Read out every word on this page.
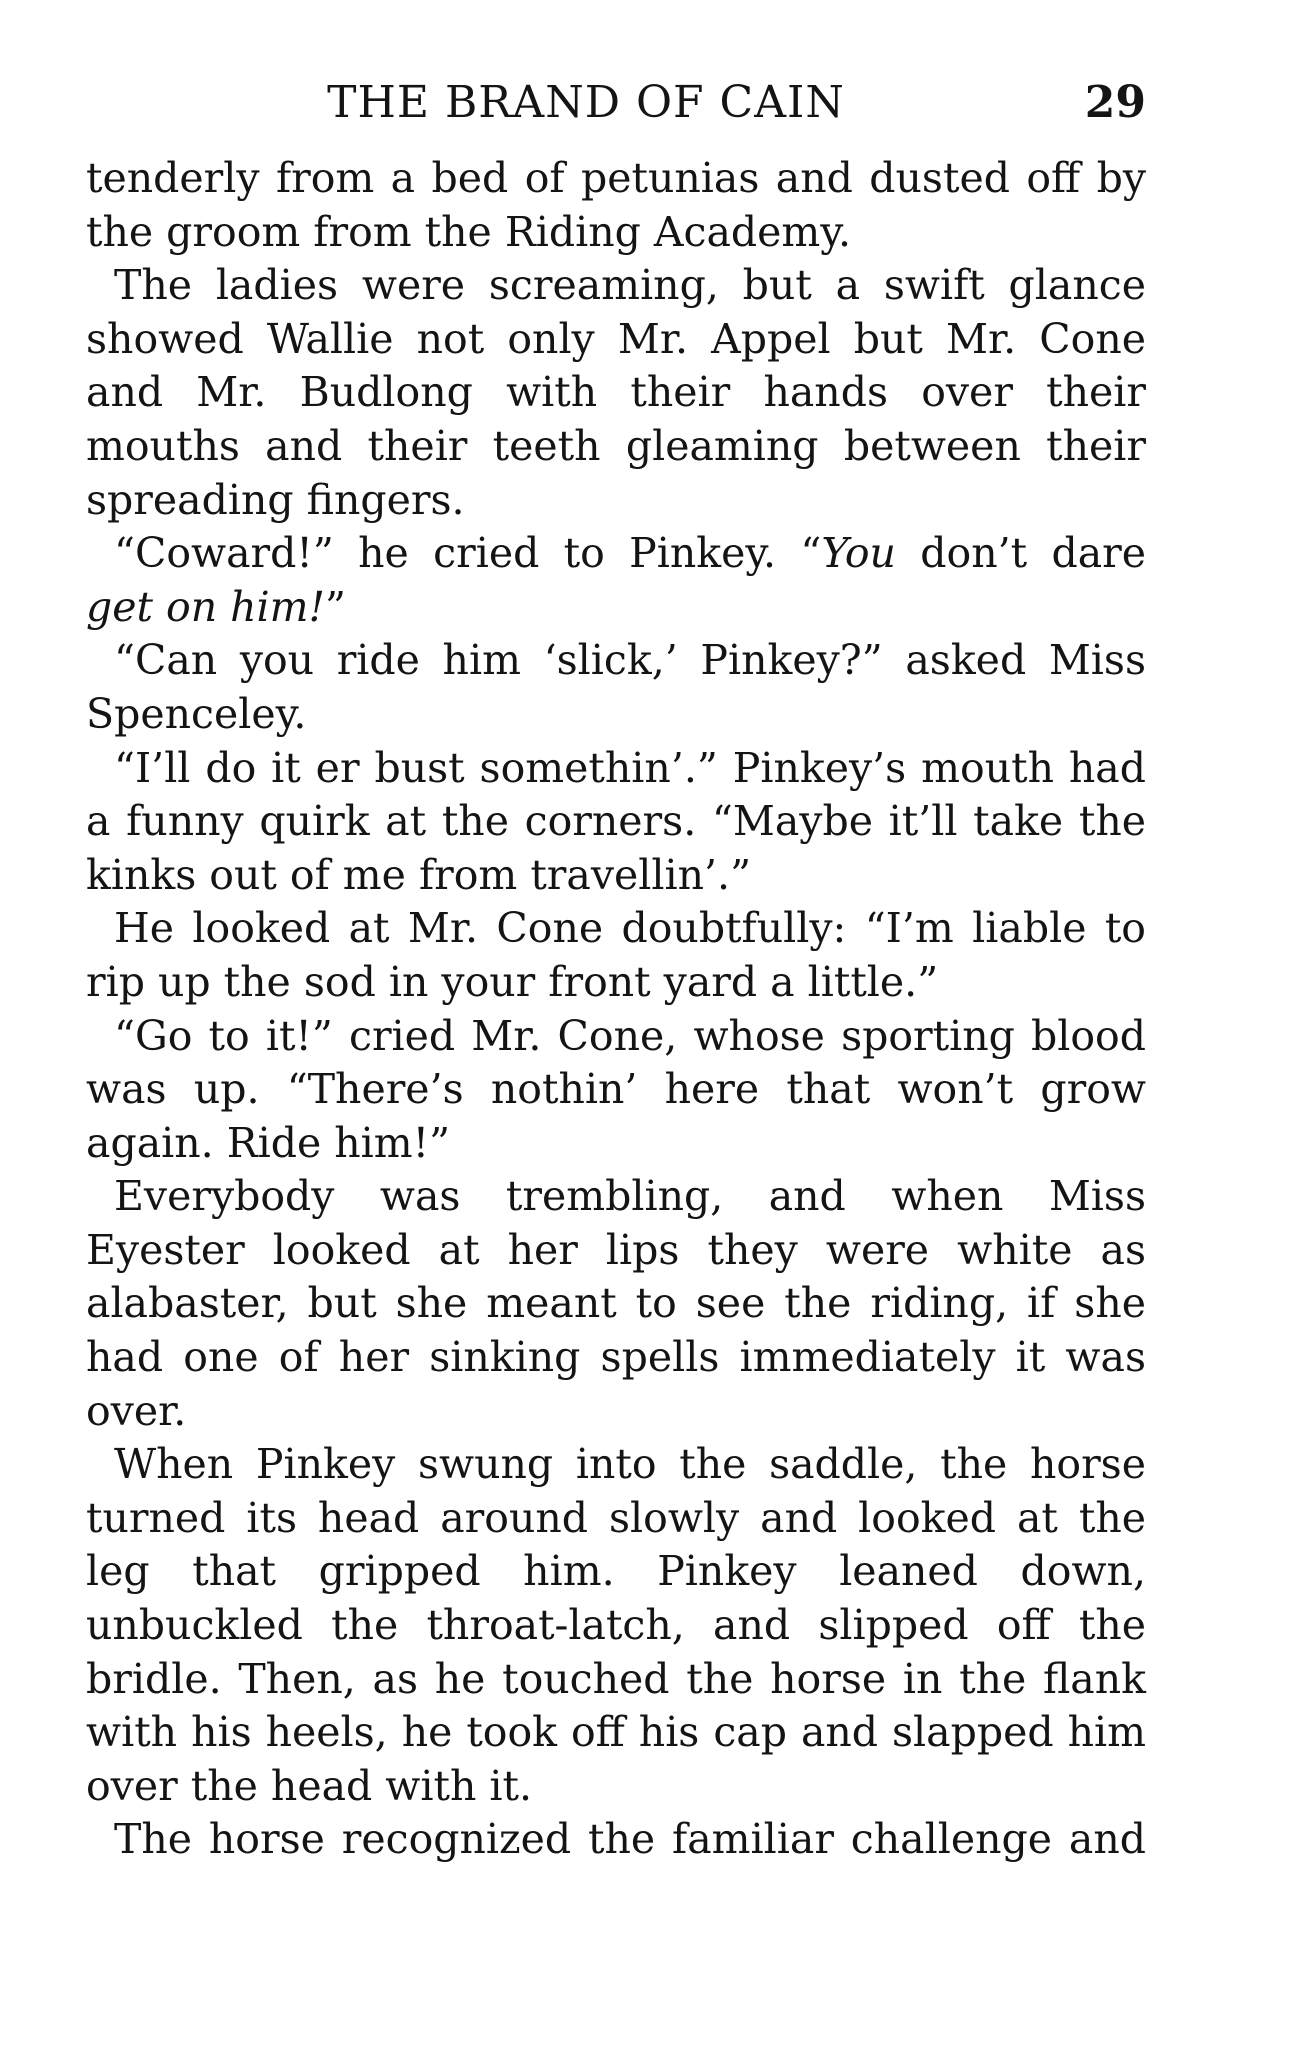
THE BRAND OF CAIN	29

tenderly from a bed of petunias and dusted off by the groom from the Riding Academy.

The ladies were screaming, but a swift glance showed Wallie not only Mr. Appel but Mr. Cone and Mr. Budlong with their hands over their mouths and their teeth gleaming between their spreading fingers.

“Coward!” he cried to Pinkey. “You don’t dare get on him!”

“Can you ride him ‘slick,’ Pinkey?” asked Miss Spenceley.

“I’ll do it er bust somethin’.” Pinkey’s mouth had a funny quirk at the corners. “Maybe it’ll take the kinks out of me from travellin’.”

He looked at Mr. Cone doubtfully: “I’m liable to rip up the sod in your front yard a little.”

“Go to it!” cried Mr. Cone, whose sporting blood was up. “There’s nothin’ here that won’t grow again. Ride him!”

Everybody was trembling, and when Miss Eyester looked at her lips they were white as alabaster, but she meant to see the riding, if she had one of her sinking spells immediately it was over.

When Pinkey swung into the saddle, the horse turned its head around slowly and looked at the leg that gripped him. Pinkey leaned down, unbuckled the throat-latch, and slipped off the bridle. Then, as he touched the horse in the flank with his heels, he took off his cap and slapped him over the head with it.

The horse recognized the familiar challenge and
